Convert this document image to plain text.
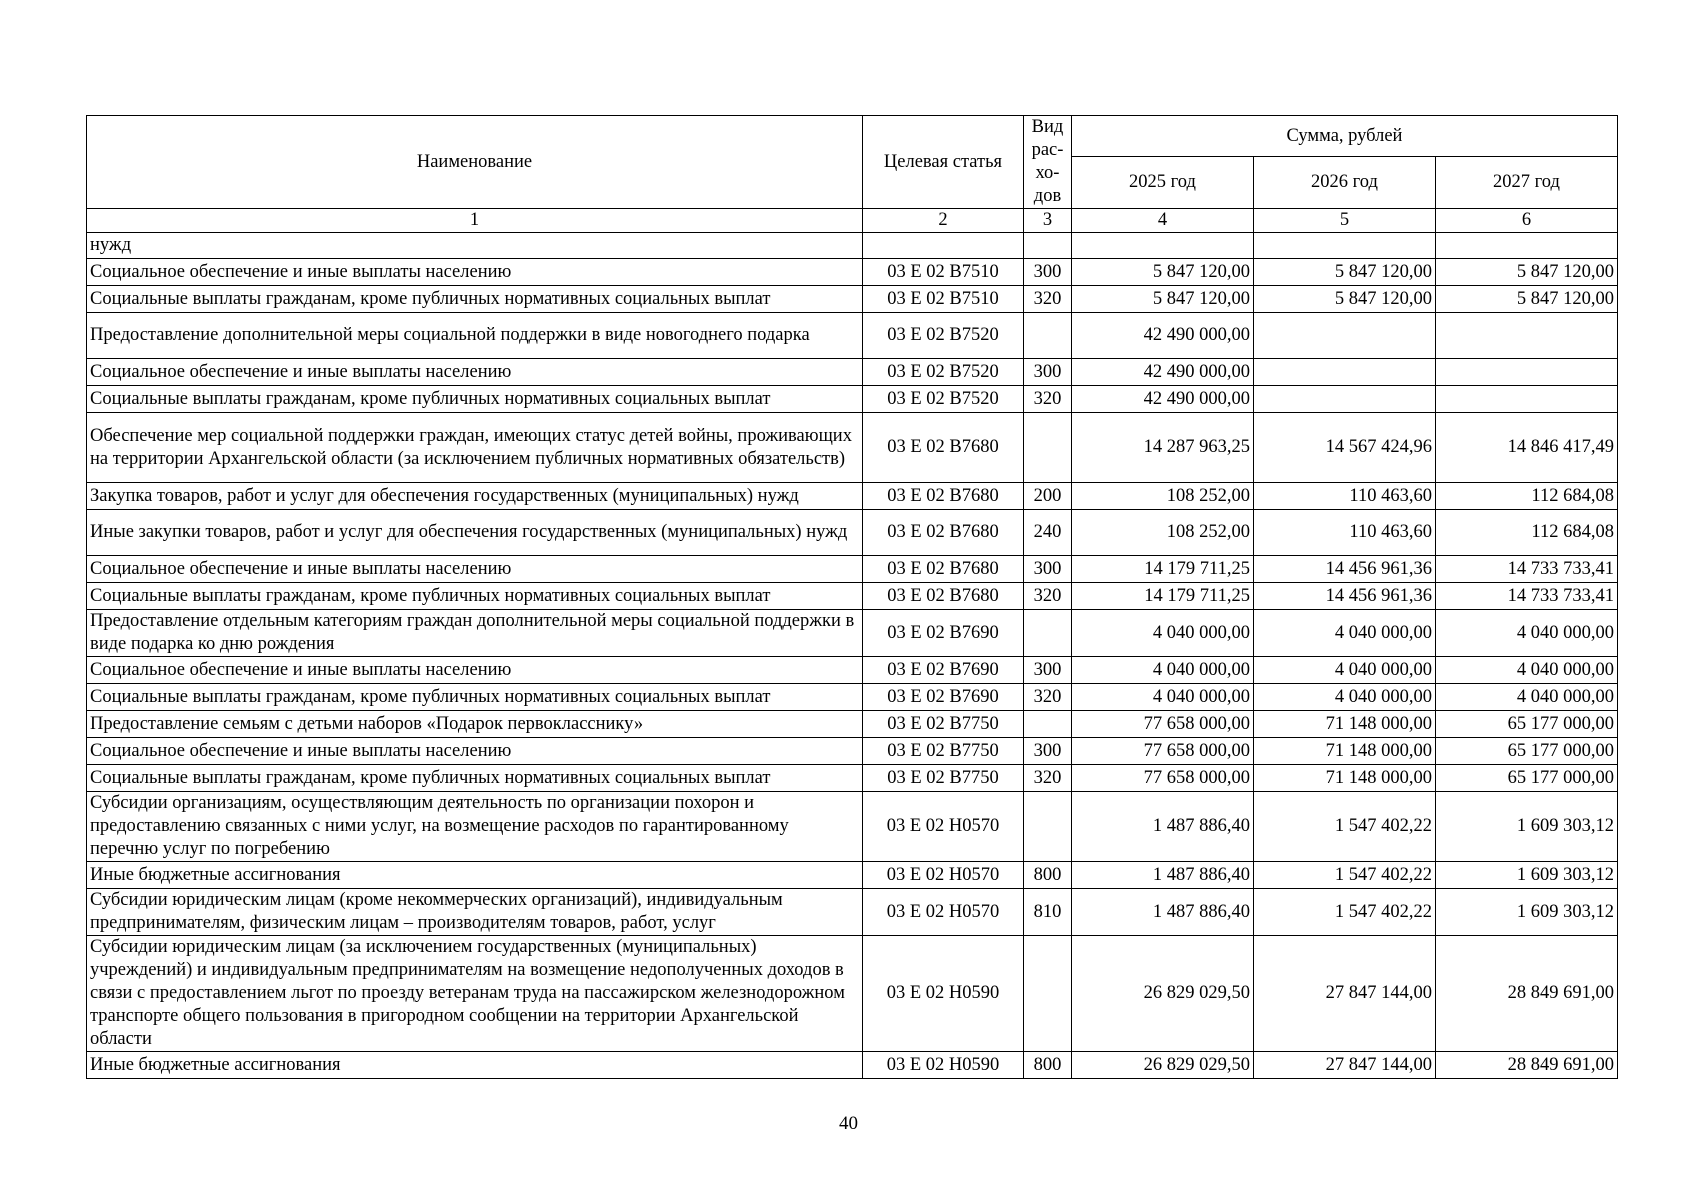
Наименование	Целевая статья	Вид рас-хо-дов	Сумма, рублей		
			2025 год	2026 год	2027 год
1	2	3	4	5	6
нужд					
Социальное обеспечение и иные выплаты населению	03 Е 02 В7510	300	5 847 120,00	5 847 120,00	5 847 120,00
Социальные выплаты гражданам, кроме публичных нормативных социальных выплат	03 Е 02 В7510	320	5 847 120,00	5 847 120,00	5 847 120,00
Предоставление дополнительной меры социальной поддержки в виде новогоднего подарка	03 Е 02 В7520		42 490 000,00		
Социальное обеспечение и иные выплаты населению	03 Е 02 В7520	300	42 490 000,00		
Социальные выплаты гражданам, кроме публичных нормативных социальных выплат	03 Е 02 В7520	320	42 490 000,00		
Обеспечение мер социальной поддержки граждан, имеющих статус детей войны, проживающих на территории Архангельской области (за исключением публичных нормативных обязательств)	03 Е 02 В7680		14 287 963,25	14 567 424,96	14 846 417,49
Закупка товаров, работ и услуг для обеспечения государственных (муниципальных) нужд	03 Е 02 В7680	200	108 252,00	110 463,60	112 684,08
Иные закупки товаров, работ и услуг для обеспечения государственных (муниципальных) нужд	03 Е 02 В7680	240	108 252,00	110 463,60	112 684,08
Социальное обеспечение и иные выплаты населению	03 Е 02 В7680	300	14 179 711,25	14 456 961,36	14 733 733,41
Социальные выплаты гражданам, кроме публичных нормативных социальных выплат	03 Е 02 В7680	320	14 179 711,25	14 456 961,36	14 733 733,41
Предоставление отдельным категориям граждан дополнительной меры социальной поддержки в виде подарка ко дню рождения	03 Е 02 В7690		4 040 000,00	4 040 000,00	4 040 000,00
Социальное обеспечение и иные выплаты населению	03 Е 02 В7690	300	4 040 000,00	4 040 000,00	4 040 000,00
Социальные выплаты гражданам, кроме публичных нормативных социальных выплат	03 Е 02 В7690	320	4 040 000,00	4 040 000,00	4 040 000,00
Предоставление семьям с детьми наборов «Подарок первокласснику»	03 Е 02 В7750		77 658 000,00	71 148 000,00	65 177 000,00
Социальное обеспечение и иные выплаты населению	03 Е 02 В7750	300	77 658 000,00	71 148 000,00	65 177 000,00
Социальные выплаты гражданам, кроме публичных нормативных социальных выплат	03 Е 02 В7750	320	77 658 000,00	71 148 000,00	65 177 000,00
Субсидии организациям, осуществляющим деятельность по организации похорон и предоставлению связанных с ними услуг, на возмещение расходов по гарантированному перечню услуг по погребению	03 Е 02 Н0570		1 487 886,40	1 547 402,22	1 609 303,12
Иные бюджетные ассигнования	03 Е 02 Н0570	800	1 487 886,40	1 547 402,22	1 609 303,12
Субсидии юридическим лицам (кроме некоммерческих организаций), индивидуальным предпринимателям, физическим лицам – производителям товаров, работ, услуг	03 Е 02 Н0570	810	1 487 886,40	1 547 402,22	1 609 303,12
Субсидии юридическим лицам (за исключением государственных (муниципальных) учреждений) и индивидуальным предпринимателям на возмещение недополученных доходов в связи с предоставлением льгот по проезду ветеранам труда на пассажирском железнодорожном транспорте общего пользования в пригородном сообщении на территории Архангельской области	03 Е 02 Н0590		26 829 029,50	27 847 144,00	28 849 691,00
Иные бюджетные ассигнования	03 Е 02 Н0590	800	26 829 029,50	27 847 144,00	28 849 691,00
40
